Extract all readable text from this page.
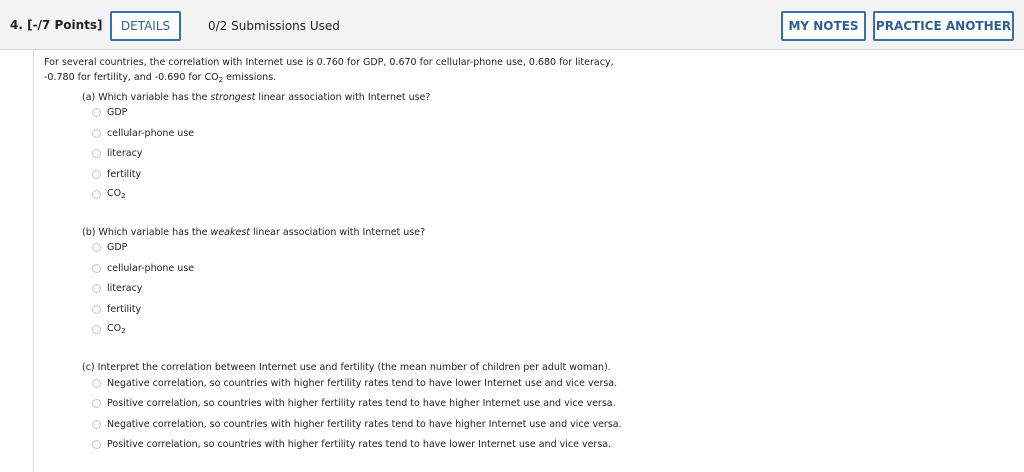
4. [-/7 Points]	DETAILS	0/2 Submissions Used	MY NOTES	PRACTICE ANOTHER
For several countries, the correlation with Internet use is 0.760 for GDP, 0.670 for cellular-phone use, 0.680 for literacy,
-0.780 for fertility, and -0.690 for $CO_2$ emissions.
(a) Which variable has the strongest linear association with Internet use?
GDP
cellular-phone use
literacy
fertility
$CO_2$
(b) Which variable has the weakest linear association with Internet use?
GDP
cellular-phone use
literacy
fertility
$CO_2$
(c) Interpret the correlation between Internet use and fertility (the mean number of children per adult woman).
Negative correlation, so countries with higher fertility rates tend to have lower Internet use and vice versa.
Positive correlation, so countries with higher fertility rates tend to have higher Internet use and vice versa.
Negative correlation, so countries with higher fertility rates tend to have higher Internet use and vice versa.
Positive correlation, so countries with higher fertility rates tend to have lower Internet use and vice versa.
